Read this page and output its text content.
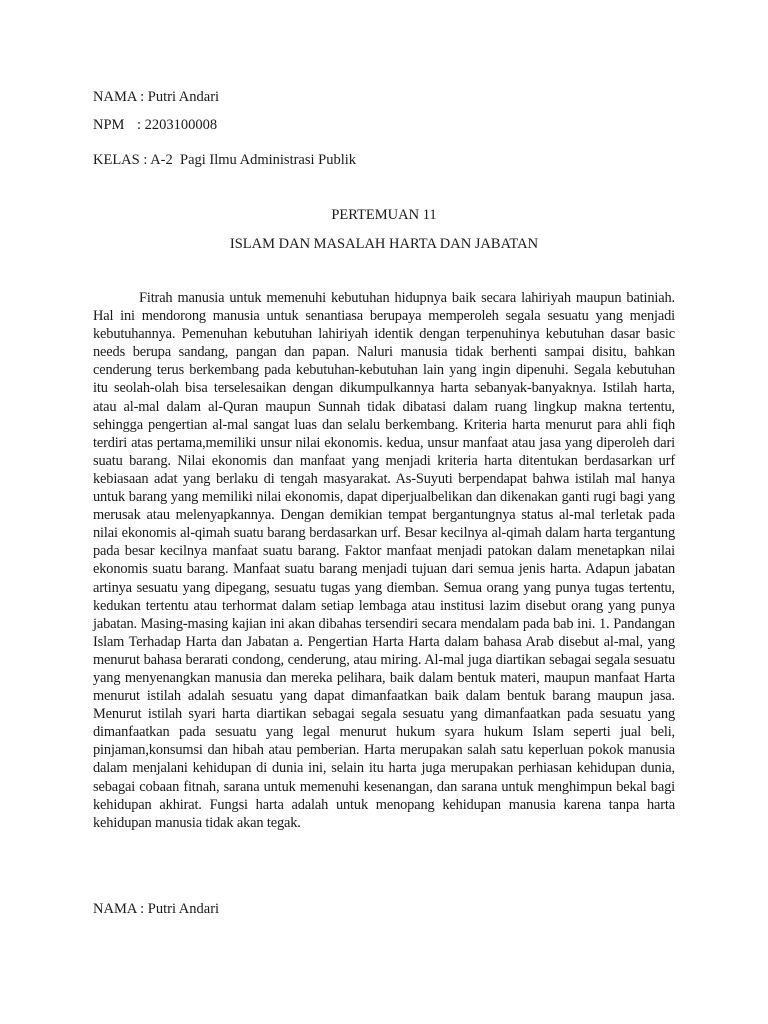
NAMA : Putri Andari
NPM : 2203100008
KELAS : A-2  Pagi Ilmu Administrasi Publik
PERTEMUAN 11
ISLAM DAN MASALAH HARTA DAN JABATAN
Fitrah manusia untuk memenuhi kebutuhan hidupnya baik secara lahiriyah maupun batiniah. Hal ini mendorong manusia untuk senantiasa berupaya memperoleh segala sesuatu yang menjadi kebutuhannya. Pemenuhan kebutuhan lahiriyah identik dengan terpenuhinya kebutuhan dasar basic needs berupa sandang, pangan dan papan. Naluri manusia tidak berhenti sampai disitu, bahkan cenderung terus berkembang pada kebutuhan-kebutuhan lain yang ingin dipenuhi. Segala kebutuhan itu seolah-olah bisa terselesaikan dengan dikumpulkannya harta sebanyak-banyaknya. Istilah harta, atau al-mal dalam al-Quran maupun Sunnah tidak dibatasi dalam ruang lingkup makna tertentu, sehingga pengertian al-mal sangat luas dan selalu berkembang. Kriteria harta menurut para ahli fiqh terdiri atas pertama,memiliki unsur nilai ekonomis. kedua, unsur manfaat atau jasa yang diperoleh dari suatu barang. Nilai ekonomis dan manfaat yang menjadi kriteria harta ditentukan berdasarkan urf kebiasaan adat yang berlaku di tengah masyarakat. As-Suyuti berpendapat bahwa istilah mal hanya untuk barang yang memiliki nilai ekonomis, dapat diperjualbelikan dan dikenakan ganti rugi bagi yang merusak atau melenyapkannya. Dengan demikian tempat bergantungnya status al-mal terletak pada nilai ekonomis al-qimah suatu barang berdasarkan urf. Besar kecilnya al-qimah dalam harta tergantung pada besar kecilnya manfaat suatu barang. Faktor manfaat menjadi patokan dalam menetapkan nilai ekonomis suatu barang. Manfaat suatu barang menjadi tujuan dari semua jenis harta. Adapun jabatan artinya sesuatu yang dipegang, sesuatu tugas yang diemban. Semua orang yang punya tugas tertentu, kedukan tertentu atau terhormat dalam setiap lembaga atau institusi lazim disebut orang yang punya jabatan. Masing-masing kajian ini akan dibahas tersendiri secara mendalam pada bab ini. 1. Pandangan Islam Terhadap Harta dan Jabatan a. Pengertian Harta Harta dalam bahasa Arab disebut al-mal, yang menurut bahasa berarati condong, cenderung, atau miring. Al-mal juga diartikan sebagai segala sesuatu yang menyenangkan manusia dan mereka pelihara, baik dalam bentuk materi, maupun manfaat Harta menurut istilah adalah sesuatu yang dapat dimanfaatkan baik dalam bentuk barang maupun jasa. Menurut istilah syari harta diartikan sebagai segala sesuatu yang dimanfaatkan pada sesuatu yang dimanfaatkan pada sesuatu yang legal menurut hukum syara hukum Islam seperti jual beli, pinjaman,konsumsi dan hibah atau pemberian. Harta merupakan salah satu keperluan pokok manusia dalam menjalani kehidupan di dunia ini, selain itu harta juga merupakan perhiasan kehidupan dunia, sebagai cobaan fitnah, sarana untuk memenuhi kesenangan, dan sarana untuk menghimpun bekal bagi kehidupan akhirat. Fungsi harta adalah untuk menopang kehidupan manusia karena tanpa harta kehidupan manusia tidak akan tegak.
NAMA : Putri Andari
